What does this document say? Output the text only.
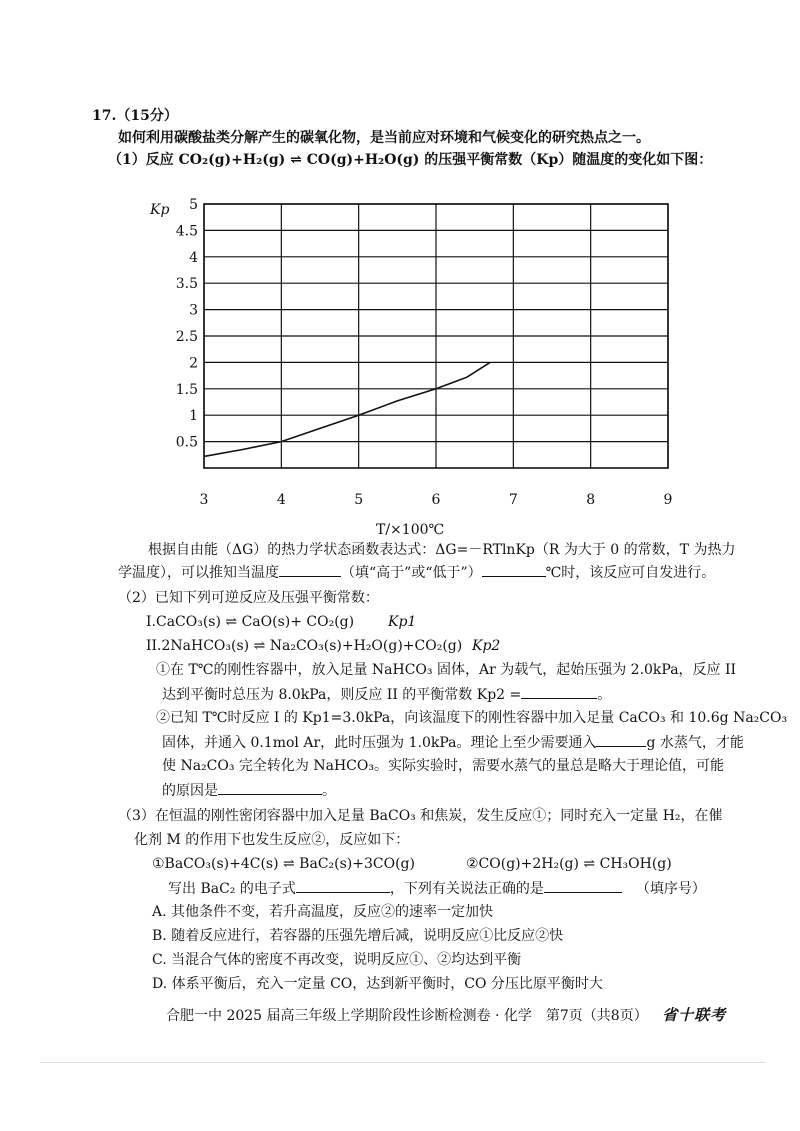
17.（15分）
如何利用碳酸盐类分解产生的碳氧化物，是当前应对环境和气候变化的研究热点之一。
（1）反应 CO₂(g)+H₂(g) ⇌ CO(g)+H₂O(g) 的压强平衡常数（Kp）随温度的变化如下图：
3	4	5	6	7	8	9
0.5
1
1.5
2
2.5
3
3.5
4
4.5
5
Kp
T/×100℃
根据自由能（ΔG）的热力学状态函数表达式：ΔG=－RTlnKp（R 为大于 0 的常数，T 为热力
学温度），可以推知当温度	（填“高于”或“低于”）	℃时，该反应可自发进行。
（2）已知下列可逆反应及压强平衡常数：
I.CaCO₃(s) ⇌ CaO(s)+ CO₂(g) Kp1
II.2NaHCO₃(s) ⇌ Na₂CO₃(s)+H₂O(g)+CO₂(g) Kp2
①在 T℃的刚性容器中，放入足量 NaHCO₃ 固体，Ar 为载气，起始压强为 2.0kPa，反应 II
达到平衡时总压为 8.0kPa，则反应 II 的平衡常数 Kp2 =	。
②已知 T℃时反应 I 的 Kp1=3.0kPa，向该温度下的刚性容器中加入足量 CaCO₃ 和 10.6g Na₂CO₃
固体，并通入 0.1mol Ar，此时压强为 1.0kPa。理论上至少需要通入	g 水蒸气，才能
使 Na₂CO₃ 完全转化为 NaHCO₃。实际实验时，需要水蒸气的量总是略大于理论值，可能
的原因是	。
（3）在恒温的刚性密闭容器中加入足量 BaCO₃ 和焦炭，发生反应①；同时充入一定量 H₂，在催
化剂 M 的作用下也发生反应②，反应如下：
①BaCO₃(s)+4C(s) ⇌ BaC₂(s)+3CO(g)	②CO(g)+2H₂(g) ⇌ CH₃OH(g)
写出 BaC₂ 的电子式	，下列有关说法正确的是	（填序号）
A. 其他条件不变，若升高温度，反应②的速率一定加快
B. 随着反应进行，若容器的压强先增后减，说明反应①比反应②快
C. 当混合气体的密度不再改变，说明反应①、②均达到平衡
D. 体系平衡后，充入一定量 CO，达到新平衡时，CO 分压比原平衡时大
合肥一中 2025 届高三年级上学期阶段性诊断检测卷 · 化学　第7页（共8页） 省十联考
